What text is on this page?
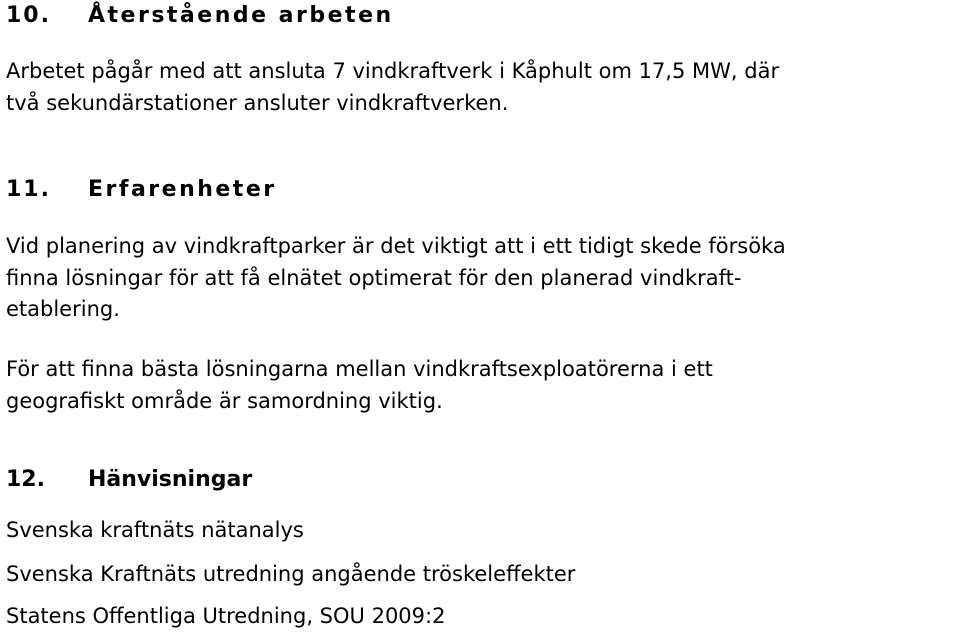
10. Återstående arbeten

Arbetet pågår med att ansluta 7 vindkraftverk i Kåphult om 17,5 MW, där
två sekundärstationer ansluter vindkraftverken.

11. Erfarenheter

Vid planering av vindkraftparker är det viktigt att i ett tidigt skede försöka
finna lösningar för att få elnätet optimerat för den planerad vindkraft-
etablering.

För att finna bästa lösningarna mellan vindkraftsexploatörerna i ett
geografiskt område är samordning viktig.

12. Hänvisningar

Svenska kraftnäts nätanalys

Svenska Kraftnäts utredning angående tröskeleffekter

Statens Offentliga Utredning, SOU 2009:2
